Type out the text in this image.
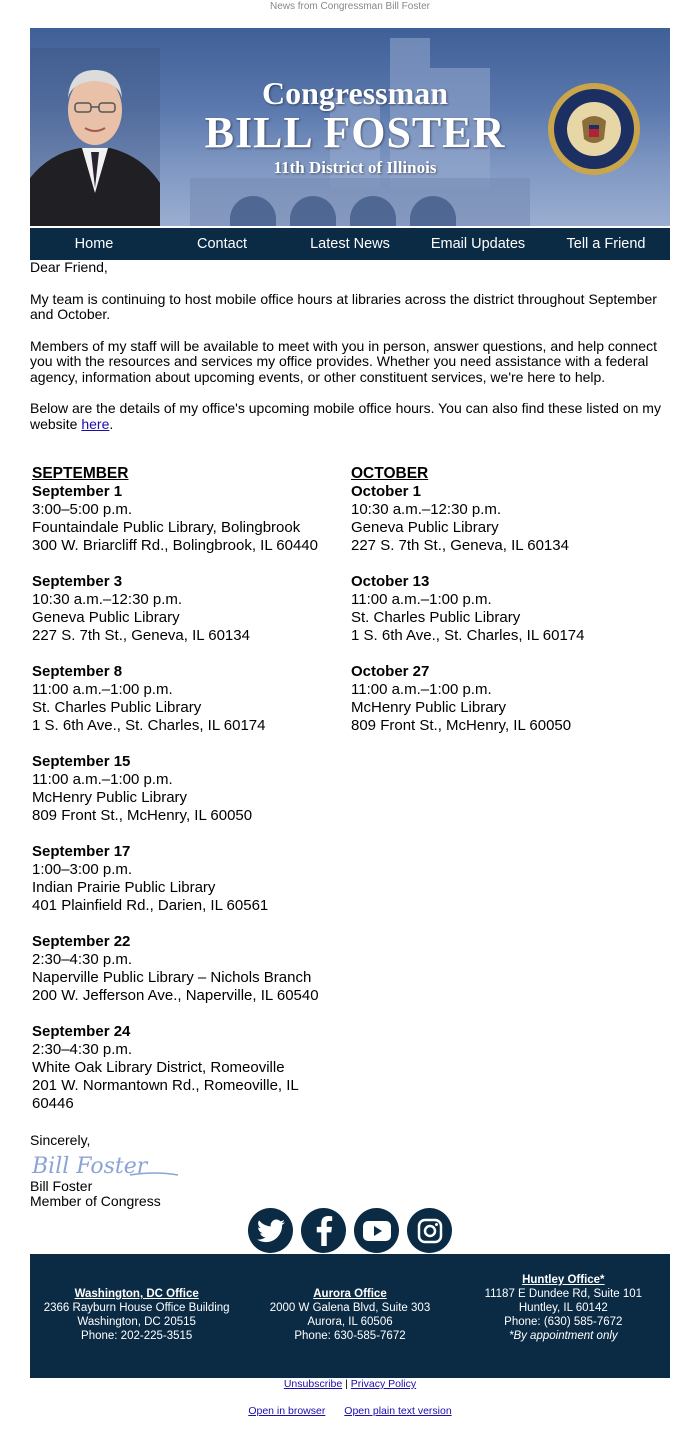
News from Congressman Bill Foster
Congressman
BILL FOSTER
11th District of Illinois
Home	Contact	Latest News	Email Updates	Tell a Friend

Dear Friend,

My team is continuing to host mobile office hours at libraries across the district throughout September and October.

Members of my staff will be available to meet with you in person, answer questions, and help connect you with the resources and services my office provides. Whether you need assistance with a federal agency, information about upcoming events, or other constituent services, we're here to help.

Below are the details of my office's upcoming mobile office hours. You can also find these listed on my website here.

SEPTEMBER
September 1
3:00–5:00 p.m.
Fountaindale Public Library, Bolingbrook
300 W. Briarcliff Rd., Bolingbrook, IL 60440
September 3
10:30 a.m.–12:30 p.m.
Geneva Public Library
227 S. 7th St., Geneva, IL 60134
September 8
11:00 a.m.–1:00 p.m.
St. Charles Public Library
1 S. 6th Ave., St. Charles, IL 60174
September 15
11:00 a.m.–1:00 p.m.
McHenry Public Library
809 Front St., McHenry, IL 60050
September 17
1:00–3:00 p.m.
Indian Prairie Public Library
401 Plainfield Rd., Darien, IL 60561
September 22
2:30–4:30 p.m.
Naperville Public Library – Nichols Branch
200 W. Jefferson Ave., Naperville, IL 60540
September 24
2:30–4:30 p.m.
White Oak Library District, Romeoville
201 W. Normantown Rd., Romeoville, IL 60446
OCTOBER
October 1
10:30 a.m.–12:30 p.m.
Geneva Public Library
227 S. 7th St., Geneva, IL 60134
October 13
11:00 a.m.–1:00 p.m.
St. Charles Public Library
1 S. 6th Ave., St. Charles, IL 60174
October 27
11:00 a.m.–1:00 p.m.
McHenry Public Library
809 Front St., McHenry, IL 60050
Sincerely,
Bill Foster
Bill Foster
Member of Congress
Washington, DC Office
2366 Rayburn House Office Building
Washington, DC 20515
Phone: 202-225-3515
Aurora Office
2000 W Galena Blvd, Suite 303
Aurora, IL 60506
Phone: 630-585-7672
Huntley Office*
11187 E Dundee Rd, Suite 101
Huntley, IL 60142
Phone: (630) 585-7672
*By appointment only
Unsubscribe | Privacy Policy
Open in browser Open plain text version
